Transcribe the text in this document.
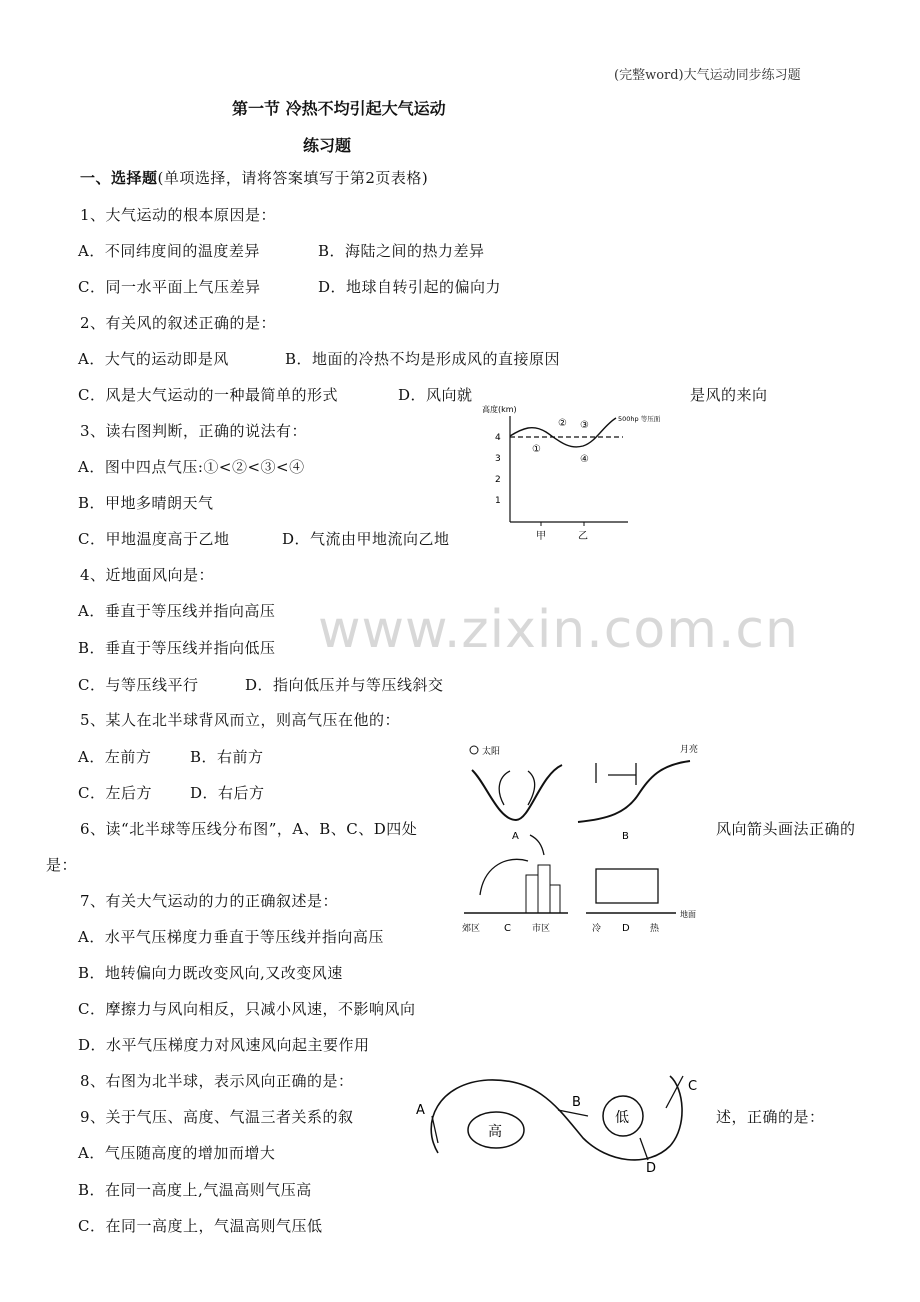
(完整word)大气运动同步练习题
第一节 冷热不均引起大气运动
练习题
一、选择题(单项选择，请将答案填写于第2页表格)
1、大气运动的根本原因是：
A．不同纬度间的温度差异	B．海陆之间的热力差异
C．同一水平面上气压差异	D．地球自转引起的偏向力
2、有关风的叙述正确的是：
A．大气的运动即是风	B．地面的冷热不均是形成风的直接原因
C．风是大气运动的一种最简单的形式	D．风向就	是风的来向
3、读右图判断，正确的说法有：
A．图中四点气压:①<②<③<④
B．甲地多晴朗天气
C．甲地温度高于乙地	D．气流由甲地流向乙地
4、近地面风向是：
A．垂直于等压线并指向高压
B．垂直于等压线并指向低压
C．与等压线平行	D．指向低压并与等压线斜交
5、某人在北半球背风而立，则高气压在他的：
A．左前方	B．右前方
C．左后方	D．右后方
6、读“北半球等压线分布图”，A、B、C、D四处	风向箭头画法正确的
是：
7、有关大气运动的力的正确叙述是：
A．水平气压梯度力垂直于等压线并指向高压
B．地转偏向力既改变风向,又改变风速
C．摩擦力与风向相反，只减小风速，不影响风向
D．水平气压梯度力对风速风向起主要作用
8、右图为北半球，表示风向正确的是：
9、关于气压、高度、气温三者关系的叙	述，正确的是：
A．气压随高度的增加而增大
B．在同一高度上,气温高则气压高
C．在同一高度上，气温高则气压低
www.zixin.com.cn
高度(km)
4
3
2
1
500hp 等压面
①
② ③
④
甲	乙
太阳
A
月亮
B
郊区 C 市区
地面
冷 D 热
高
低
A
B
C
D
